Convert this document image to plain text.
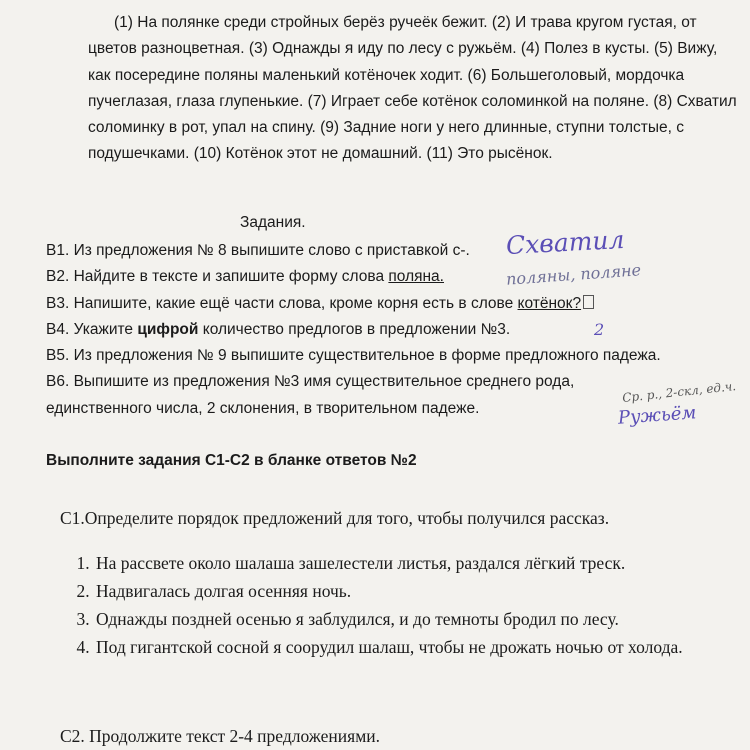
(1) На полянке среди стройных берёз ручеёк бежит. (2) И трава кругом густая, от цветов разноцветная. (3) Однажды я иду по лесу с ружьём. (4) Полез в кусты. (5) Вижу, как посередине поляны маленький котёночек ходит. (6) Большеголовый, мордочка пучеглазая, глаза глупенькие. (7) Играет себе котёнок соломинкой на поляне. (8) Схватил соломинку в рот, упал на спину. (9) Задние ноги у него длинные, ступни толстые, с подушечками. (10) Котёнок этот не домашний. (11) Это рысёнок.
Задания.
В1. Из предложения № 8 выпишите слово с приставкой с-. Схватил
В2. Найдите в тексте и запишите форму слова поляна.	поляны, поляне
В3. Напишите, какие ещё части слова, кроме корня есть в слове котёнок?
В4. Укажите цифрой количество предлогов в предложении №3.	2
В5. Из предложения № 9 выпишите существительное в форме предложного падежа.
В6. Выпишите из предложения №3 имя существительное среднего рода, единственного числа, 2 склонения, в творительном падеже.
Ср. р., 2-скл, ед.ч.
Ружьём
Выполните задания С1-С2 в бланке ответов №2

С1.Определите порядок предложений для того, чтобы получился рассказ.

1. На рассвете около шалаша зашелестели листья, раздался лёгкий треск.
2. Надвигалась долгая осенняя ночь.
3. Однажды поздней осенью я заблудился, и до темноты бродил по лесу.
4. Под гигантской сосной я соорудил шалаш, чтобы не дрожать ночью от холода.
С2. Продолжите текст 2-4 предложениями.
